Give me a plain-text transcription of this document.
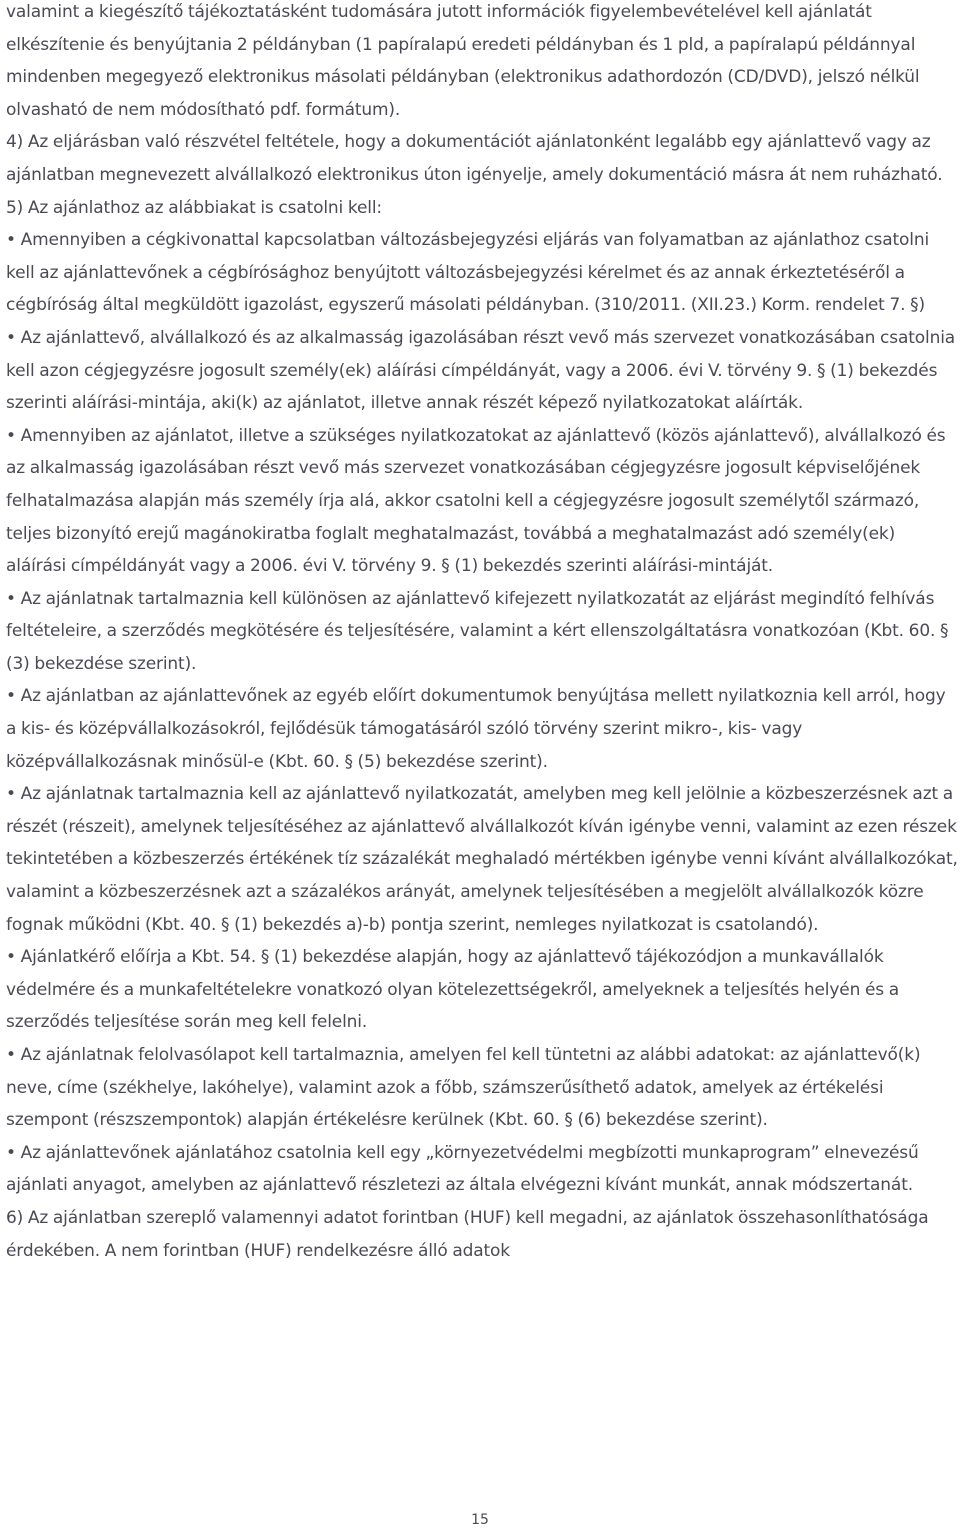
valamint a kiegészítő tájékoztatásként tudomására jutott információk figyelembevételével kell ajánlatát elkészítenie és benyújtania 2 példányban (1 papíralapú eredeti példányban és 1 pld, a papíralapú példánnyal mindenben megegyező elektronikus másolati példányban (elektronikus adathordozón (CD/DVD), jelszó nélkül olvasható de nem módosítható pdf. formátum).

4) Az eljárásban való részvétel feltétele, hogy a dokumentációt ajánlatonként legalább egy ajánlattevő vagy az ajánlatban megnevezett alvállalkozó elektronikus úton igényelje, amely dokumentáció másra át nem ruházható.

5) Az ajánlathoz az alábbiakat is csatolni kell:

• Amennyiben a cégkivonattal kapcsolatban változásbejegyzési eljárás van folyamatban az ajánlathoz csatolni kell az ajánlattevőnek a cégbírósághoz benyújtott változásbejegyzési kérelmet és az annak érkeztetéséről a cégbíróság által megküldött igazolást, egyszerű másolati példányban. (310/2011. (XII.23.) Korm. rendelet 7. §)

• Az ajánlattevő, alvállalkozó és az alkalmasság igazolásában részt vevő más szervezet vonatkozásában csatolnia kell azon cégjegyzésre jogosult személy(ek) aláírási címpéldányát, vagy a 2006. évi V. törvény 9. § (1) bekezdés szerinti aláírási-mintája, aki(k) az ajánlatot, illetve annak részét képező nyilatkozatokat aláírták.

• Amennyiben az ajánlatot, illetve a szükséges nyilatkozatokat az ajánlattevő (közös ajánlattevő), alvállalkozó és az alkalmasság igazolásában részt vevő más szervezet vonatkozásában cégjegyzésre jogosult képviselőjének felhatalmazása alapján más személy írja alá, akkor csatolni kell a cégjegyzésre jogosult személytől származó, teljes bizonyító erejű magánokiratba foglalt meghatalmazást, továbbá a meghatalmazást adó személy(ek) aláírási címpéldányát vagy a 2006. évi V. törvény 9. § (1) bekezdés szerinti aláírási-mintáját.

• Az ajánlatnak tartalmaznia kell különösen az ajánlattevő kifejezett nyilatkozatát az eljárást megindító felhívás feltételeire, a szerződés megkötésére és teljesítésére, valamint a kért ellenszolgáltatásra vonatkozóan (Kbt. 60. § (3) bekezdése szerint).

• Az ajánlatban az ajánlattevőnek az egyéb előírt dokumentumok benyújtása mellett nyilatkoznia kell arról, hogy a kis- és középvállalkozásokról, fejlődésük támogatásáról szóló törvény szerint mikro-, kis- vagy középvállalkozásnak minősül-e (Kbt. 60. § (5) bekezdése szerint).

• Az ajánlatnak tartalmaznia kell az ajánlattevő nyilatkozatát, amelyben meg kell jelölnie a közbeszerzésnek azt a részét (részeit), amelynek teljesítéséhez az ajánlattevő alvállalkozót kíván igénybe venni, valamint az ezen részek tekintetében a közbeszerzés értékének tíz százalékát meghaladó mértékben igénybe venni kívánt alvállalkozókat, valamint a közbeszerzésnek azt a százalékos arányát, amelynek teljesítésében a megjelölt alvállalkozók közre fognak működni (Kbt. 40. § (1) bekezdés a)-b) pontja szerint, nemleges nyilatkozat is csatolandó).

• Ajánlatkérő előírja a Kbt. 54. § (1) bekezdése alapján, hogy az ajánlattevő tájékozódjon a munkavállalók védelmére és a munkafeltételekre vonatkozó olyan kötelezettségekről, amelyeknek a teljesítés helyén és a szerződés teljesítése során meg kell felelni.

• Az ajánlatnak felolvasólapot kell tartalmaznia, amelyen fel kell tüntetni az alábbi adatokat: az ajánlattevő(k) neve, címe (székhelye, lakóhelye), valamint azok a főbb, számszerűsíthető adatok, amelyek az értékelési szempont (részszempontok) alapján értékelésre kerülnek (Kbt. 60. § (6) bekezdése szerint).

• Az ajánlattevőnek ajánlatához csatolnia kell egy „környezetvédelmi megbízotti munkaprogram” elnevezésű ajánlati anyagot, amelyben az ajánlattevő részletezi az általa elvégezni kívánt munkát, annak módszertanát.

6) Az ajánlatban szereplő valamennyi adatot forintban (HUF) kell megadni, az ajánlatok összehasonlíthatósága érdekében. A nem forintban (HUF) rendelkezésre álló adatok

15
